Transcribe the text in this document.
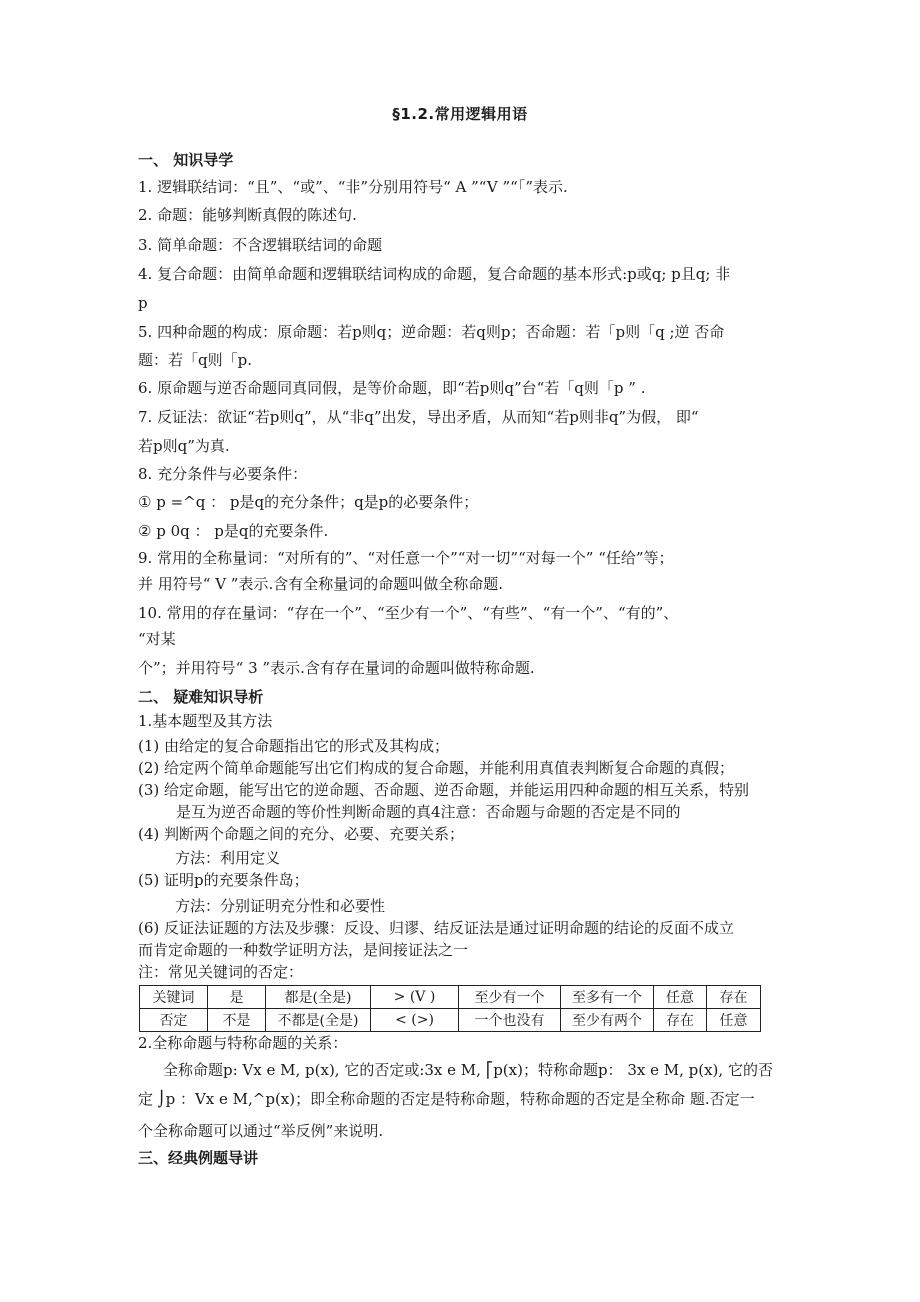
§1.2.常用逻辑用语
一、 知识导学
1. 逻辑联结词：“且”、“或”、“非”分别用符号“ A ”“V ”“「”表示.
2. 命题：能够判断真假的陈述句.
3. 简单命题：不含逻辑联结词的命题
4. 复合命题：由简单命题和逻辑联结词构成的命题，复合命题的基本形式:p或q; p且q; 非
p
5. 四种命题的构成：原命题：若p则q；逆命题：若q则p；否命题：若「p则「q ;逆 否命
题：若「q则「p.
6. 原命题与逆否命题同真同假，是等价命题，即“若p则q”台“若「q则「p ” .
7. 反证法：欲证“若p则q”，从“非q”出发，导出矛盾，从而知“若p则非q”为假， 即“
若p则q”为真.
8. 充分条件与必要条件：
① p =^q ： p是q的充分条件；q是p的必要条件；
② p 0q ： p是q的充要条件.
9. 常用的全称量词：“对所有的”、“对任意一个”“对一切”“对每一个” “任给”等；
并 用符号“ V ”表示.含有全称量词的命题叫做全称命题.
10. 常用的存在量词：“存在一个”、“至少有一个”、“有些”、“有一个”、“有的”、
“对某
个”；并用符号“ 3 ”表示.含有存在量词的命题叫做特称命题.
二、 疑难知识导析
1.基本题型及其方法
(1) 由给定的复合命题指出它的形式及其构成；
(2) 给定两个简单命题能写出它们构成的复合命题，并能利用真值表判断复合命题的真假；
(3) 给定命题，能写出它的逆命题、否命题、逆否命题，并能运用四种命题的相互关系，特别
是互为逆否命题的等价性判断命题的真4注意：否命题与命题的否定是不同的
(4) 判断两个命题之间的充分、必要、充要关系；
方法：利用定义
(5) 证明p的充要条件岛；
方法：分别证明充分性和必要性
(6) 反证法证题的方法及步骤：反设、归谬、结反证法是通过证明命题的结论的反面不成立
而肯定命题的一种数学证明方法，是间接证法之一
注：常见关键词的否定：
关键词	是	都是(全是)	> (V )	至少有一个	至多有一个	任意	存在
否定	不是	不都是(全是)	< (>)	一个也没有	至少有两个	存在	任意
2.全称命题与特称命题的关系：
全称命题p: Vx e M, p(x), 它的否定或:3x e M, ⎡p(x)；特称命题p： 3x e M, p(x), 它的否
定 ⌡p ：Vx e M,^p(x)；即全称命题的否定是特称命题，特称命题的否定是全称命 题.否定一
个全称命题可以通过“举反例”来说明.
三、经典例题导讲
